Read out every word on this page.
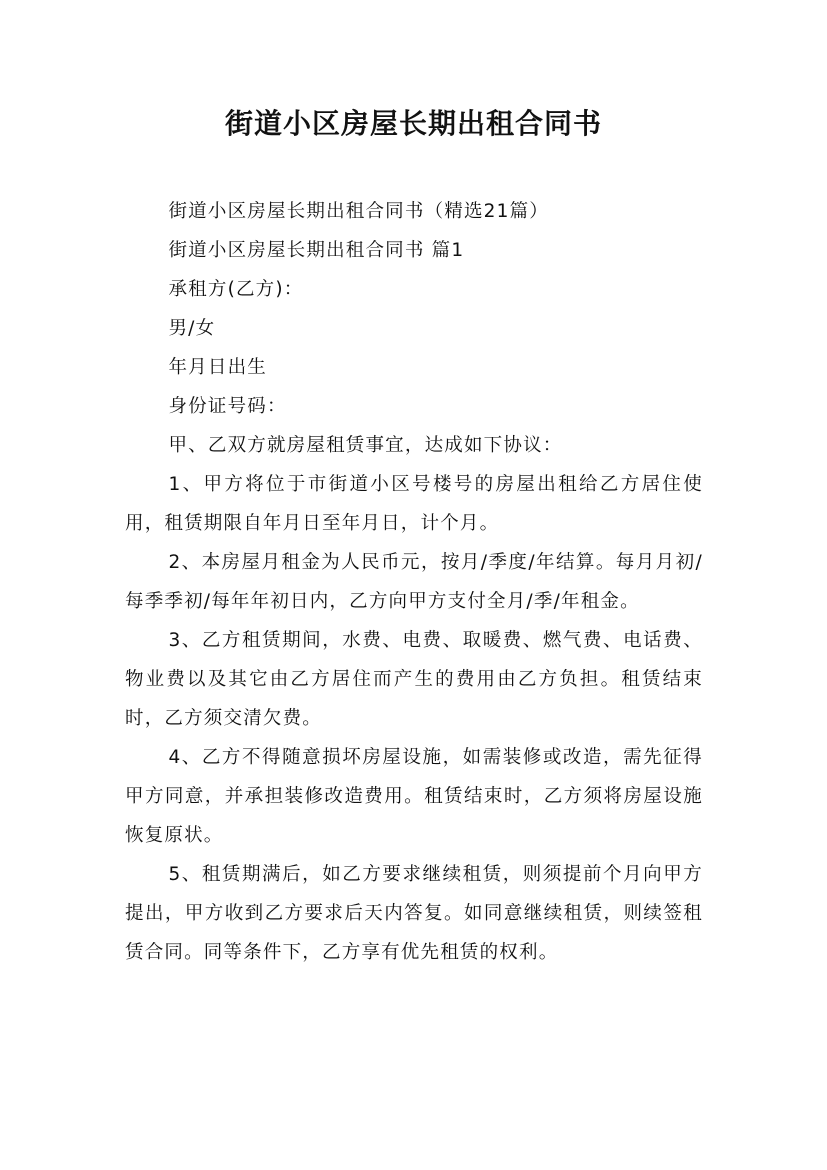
街道小区房屋长期出租合同书

街道小区房屋长期出租合同书（精选21篇）

街道小区房屋长期出租合同书 篇1

承租方(乙方)：

男/女

年月日出生

身份证号码：

甲、乙双方就房屋租赁事宜，达成如下协议：

1、甲方将位于市街道小区号楼号的房屋出租给乙方居住使用，租赁期限自年月日至年月日，计个月。

2、本房屋月租金为人民币元，按月/季度/年结算。每月月初/每季季初/每年年初日内，乙方向甲方支付全月/季/年租金。

3、乙方租赁期间，水费、电费、取暖费、燃气费、电话费、物业费以及其它由乙方居住而产生的费用由乙方负担。租赁结束时，乙方须交清欠费。

4、乙方不得随意损坏房屋设施，如需装修或改造，需先征得甲方同意，并承担装修改造费用。租赁结束时，乙方须将房屋设施恢复原状。

5、租赁期满后，如乙方要求继续租赁，则须提前个月向甲方提出，甲方收到乙方要求后天内答复。如同意继续租赁，则续签租赁合同。同等条件下，乙方享有优先租赁的权利。
